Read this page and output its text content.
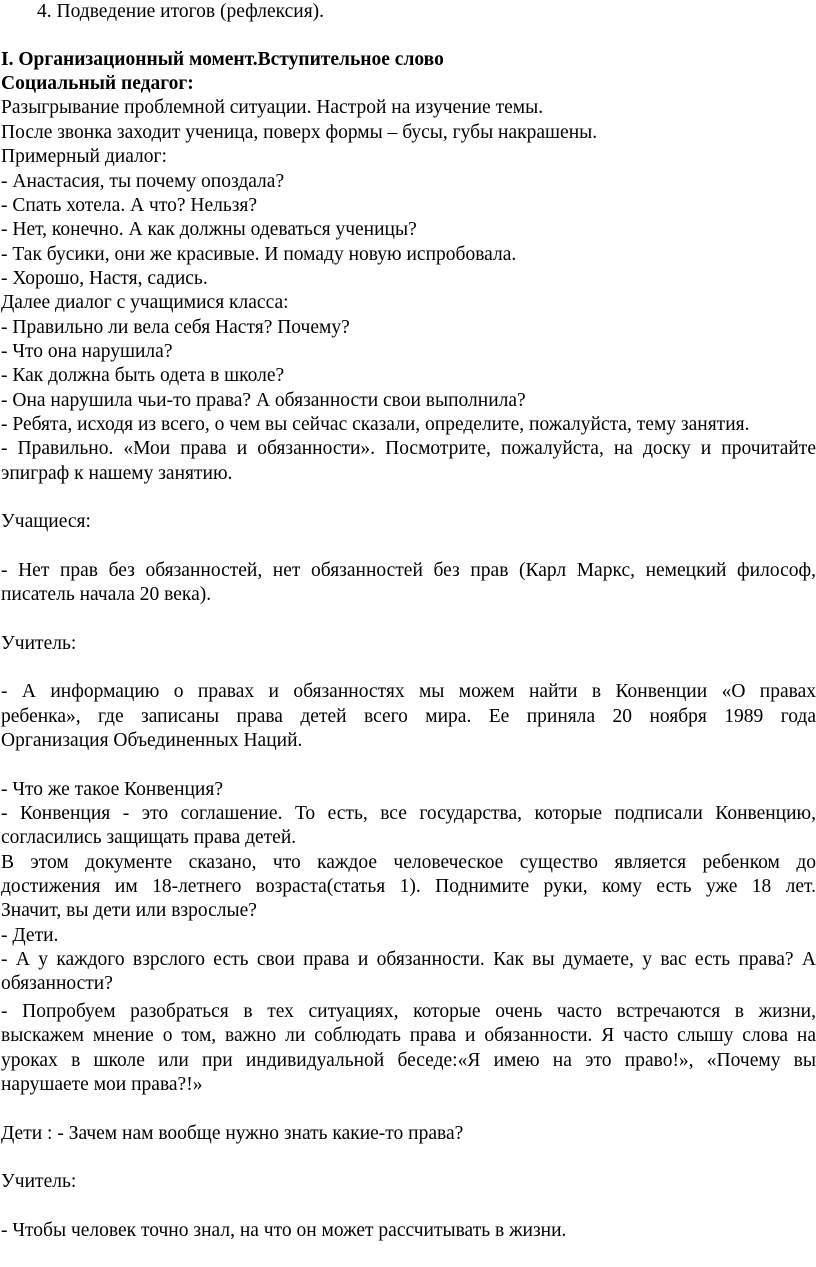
4. Подведение итогов (рефлексия).
I. Организационный момент.Вступительное слово
Социальный педагог:
Разыгрывание проблемной ситуации. Настрой на изучение темы.
После звонка заходит ученица, поверх формы – бусы, губы накрашены.
Примерный диалог:
- Анастасия, ты почему опоздала?
- Спать хотела. А что? Нельзя?
- Нет, конечно. А как должны одеваться ученицы?
- Так бусики, они же красивые. И помаду новую испробовала.
- Хорошо, Настя, садись.
Далее диалог с учащимися класса:
- Правильно ли вела себя Настя? Почему?
- Что она нарушила?
- Как должна быть одета в школе?
- Она нарушила чьи-то права? А обязанности свои выполнила?
- Ребята, исходя из всего, о чем вы сейчас сказали, определите, пожалуйста, тему занятия.
- Правильно. «Мои права и обязанности». Посмотрите, пожалуйста, на доску и прочитайте
эпиграф к нашему занятию.
Учащиеся:
- Нет прав без обязанностей, нет обязанностей без прав (Карл Маркс, немецкий философ,
писатель начала 20 века).
Учитель:
- А информацию о правах и обязанностях мы можем найти в Конвенции «О правах
ребенка», где записаны права детей всего мира. Ее приняла 20 ноября 1989 года
Организация Объединенных Наций.
- Что же такое Конвенция?
- Конвенция - это соглашение. То есть, все государства, которые подписали Конвенцию,
согласились защищать права детей.
В этом документе сказано, что каждое человеческое существо является ребенком до
достижения им 18-летнего возраста(статья 1). Поднимите руки, кому есть уже 18 лет.
Значит, вы дети или взрослые?
- Дети.
- А у каждого взрслого есть свои права и обязанности. Как вы думаете, у вас есть права? А
обязанности?
- Попробуем разобраться в тех ситуациях, которые очень часто встречаются в жизни,
выскажем мнение о том, важно ли соблюдать права и обязанности. Я часто слышу слова на
уроках в школе или при индивидуальной беседе:«Я имею на это право!», «Почему вы
нарушаете мои права?!»
Дети : - Зачем нам вообще нужно знать какие-то права?
Учитель:
- Чтобы человек точно знал, на что он может рассчитывать в жизни.
